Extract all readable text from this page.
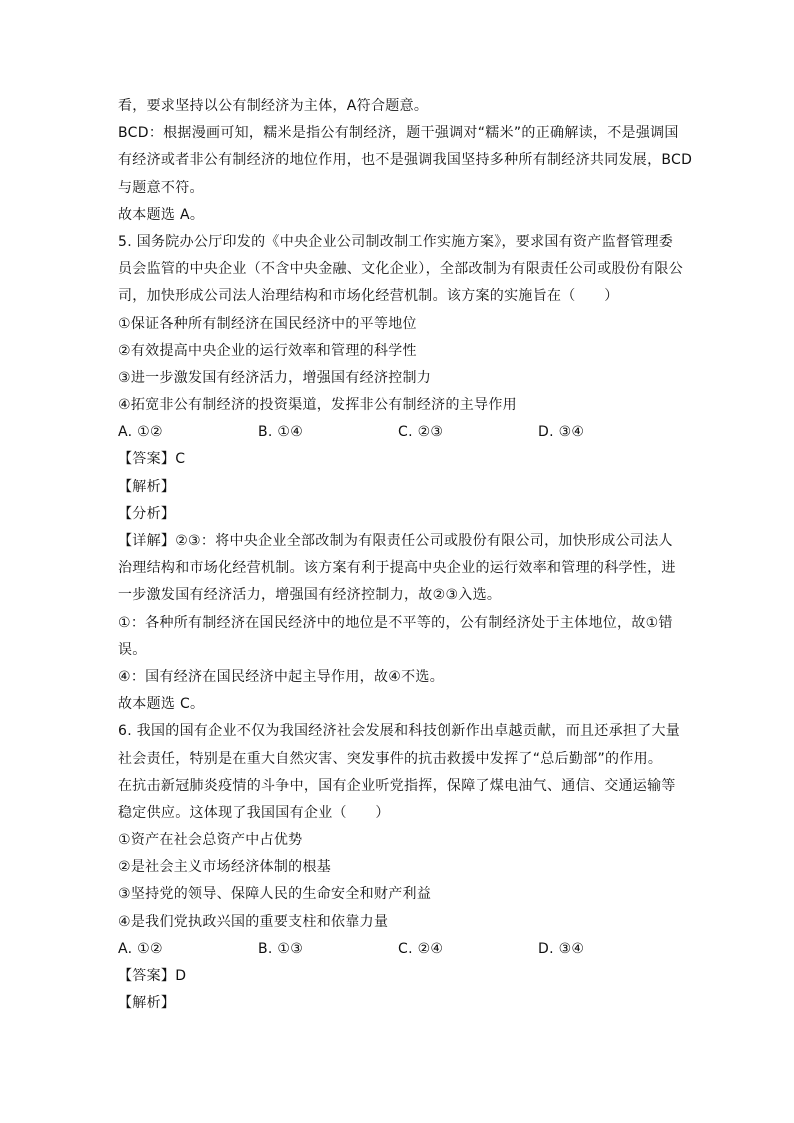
看，要求坚持以公有制经济为主体，A符合题意。
BCD：根据漫画可知，糯米是指公有制经济，题干强调对“糯米”的正确解读，不是强调国
有经济或者非公有制经济的地位作用，也不是强调我国坚持多种所有制经济共同发展，BCD
与题意不符。
故本题选 A。
5. 国务院办公厅印发的《中央企业公司制改制工作实施方案》，要求国有资产监督管理委
员会监管的中央企业（不含中央金融、文化企业），全部改制为有限责任公司或股份有限公
司，加快形成公司法人治理结构和市场化经营机制。该方案的实施旨在（　　）
①保证各种所有制经济在国民经济中的平等地位
②有效提高中央企业的运行效率和管理的科学性
③进一步激发国有经济活力，增强国有经济控制力
④拓宽非公有制经济的投资渠道，发挥非公有制经济的主导作用
A. ①②	B. ①④	C. ②③	D. ③④
【答案】C
【解析】
【分析】
【详解】②③：将中央企业全部改制为有限责任公司或股份有限公司，加快形成公司法人
治理结构和市场化经营机制。该方案有利于提高中央企业的运行效率和管理的科学性，进
一步激发国有经济活力，增强国有经济控制力，故②③入选。
①：各种所有制经济在国民经济中的地位是不平等的，公有制经济处于主体地位，故①错
误。
④：国有经济在国民经济中起主导作用，故④不选。
故本题选 C。
6. 我国的国有企业不仅为我国经济社会发展和科技创新作出卓越贡献，而且还承担了大量
社会责任，特别是在重大自然灾害、突发事件的抗击救援中发挥了“总后勤部”的作用。
在抗击新冠肺炎疫情的斗争中，国有企业听党指挥，保障了煤电油气、通信、交通运输等
稳定供应。这体现了我国国有企业（　　）
①资产在社会总资产中占优势
②是社会主义市场经济体制的根基
③坚持党的领导、保障人民的生命安全和财产利益
④是我们党执政兴国的重要支柱和依靠力量
A. ①②	B. ①③	C. ②④	D. ③④
【答案】D
【解析】
